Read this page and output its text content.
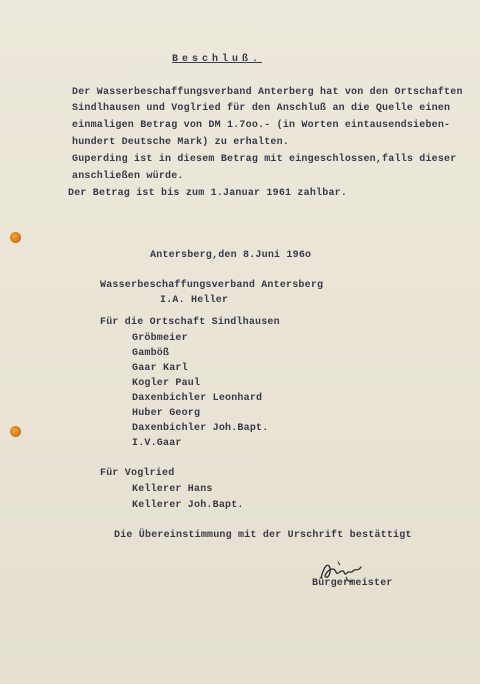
Beschluß.
Der Wasserbeschaffungsverband Anterberg hat von den Ortschaften
Sindlhausen und Voglried für den Anschluß an die Quelle einen
einmaligen Betrag von DM 1.7oo.- (in Worten eintausendsieben-
hundert Deutsche Mark) zu erhalten.
Guperding ist in diesem Betrag mit eingeschlossen,falls dieser
anschließen würde.
Der Betrag ist bis zum 1.Januar 1961 zahlbar.
Antersberg,den 8.Juni 196o
Wasserbeschaffungsverband Antersberg
I.A. Heller
Für die Ortschaft Sindlhausen
Gröbmeier
Gamböß
Gaar Karl
Kogler Paul
Daxenbichler Leonhard
Huber Georg
Daxenbichler Joh.Bapt.
I.V.Gaar
Für Voglried
Kellerer Hans
Kellerer Joh.Bapt.
Die Übereinstimmung mit der Urschrift bestättigt
Bürgermeister
